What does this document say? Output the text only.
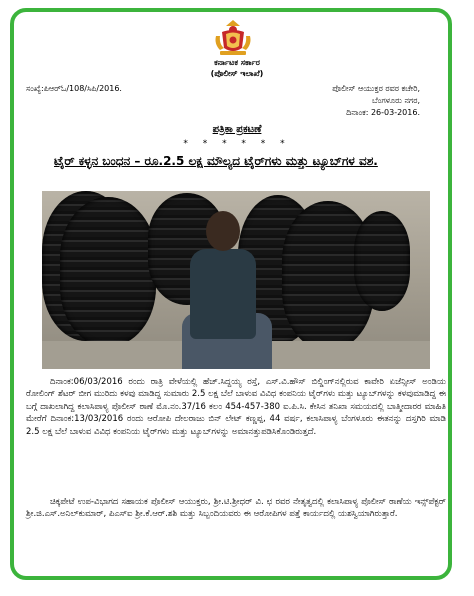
ಕರ್ನಾಟಕ ಸರ್ಕಾರ
(ಪೊಲೀಸ್ ಇಲಾಖೆ)
ಸಂಖ್ಯೆ:ಪಿಆರ್‌ಓ/108/ಸಿಪಿ/2016.	ಪೊಲೀಸ್ ಆಯುಕ್ತರ ರವರ ಕಚೇರಿ,
ಬೆಂಗಳೂರು ನಗರ,
ದಿನಾಂಕ: 26-03-2016.
ಪತ್ರಿಕಾ ಪ್ರಕಟಣೆ
* * * * * *
ಟೈರ್ ಕಳ್ಳನ ಬಂಧನ – ರೂ.2.5 ಲಕ್ಷ ಮೌಲ್ಯದ ಟೈರ್‌ಗಳು ಮತ್ತು ಟ್ಯೂಬ್‌ಗಳ ವಶ.
ದಿನಾಂಕ:06/03/2016 ರಂದು ರಾತ್ರಿ ವೇಳೆಯಲ್ಲಿ ಹೆಚ್.ಸಿದ್ದಯ್ಯ ರಸ್ತೆ, ಎಸ್.ವಿ.ಹೌಸ್ ಬಿಲ್ಡಿಂಗ್‌ನಲ್ಲಿರುವ ಕಾವೇರಿ ಏಜೆನ್ಸೀಸ್ ಅಂಡಿಯ ರೋಲಿಂಗ್ ಶೆಟರ್ ಬೀಗ ಮುರಿದು ಕಳವು ಮಾಡಿದ್ದ ಸುಮಾರು 2.5 ಲಕ್ಷ ಬೆಲೆ ಬಾಳುವ ವಿವಿಧ ಕಂಪನಿಯ ಟೈರ್‌ಗಳು ಮತ್ತು ಟ್ಯೂಬ್‌ಗಳನ್ನು ಕಳವುಮಾಡಿದ್ದ ಈ ಬಗ್ಗೆ ದಾಖಲಾಗಿದ್ದ ಕಲಾಸಿಪಾಳ್ಯ ಪೊಲೀಸ್ ಠಾಣೆ ಮೊ.ನಂ.37/16 ಕಲಂ 454-457-380 ಐ.ಪಿ.ಸಿ. ಕೇಸಿನ ತನಿಖಾ ಸಮಯದಲ್ಲಿ ಬಾತ್ಮೀದಾರರ ಮಾಹಿತಿ ಮೇರೆಗೆ ದಿನಾಂಕ:13/03/2016 ರಂದು ಆರೋಪಿ ದೇಲರಾಜು ಬಿನ್ ಲೇಟ್ ಕಣ್ಣಪ್ಪ, 44 ವರ್ಷ, ಕಲಾಸಿಪಾಳ್ಯ ಬೆಂಗಳೂರು ಈತನನ್ನು ದಸ್ತಗಿರಿ ಮಾಡಿ 2.5 ಲಕ್ಷ ಬೆಲೆ ಬಾಳುವ ವಿವಿಧ ಕಂಪನಿಯ ಟೈರ್‌ಗಳು ಮತ್ತು ಟ್ಯೂಬ್‌ಗಳನ್ನು ಅಮಾನತ್ತುಪಡಿಸಿಕೊಂಡಿರುತ್ತದೆ.
ಚಿಕ್ಕಪೇಟೆ ಉಪ-ವಿಭಾಗದ ಸಹಾಯಕ ಪೊಲೀಸ್ ಆಯುಕ್ತರು, ಶ್ರೀ.ಟಿ.ಶ್ರೀಧರ್ ವಿ. ಛ ರವರ ನೇತೃತ್ವದಲ್ಲಿ ಕಲಾಸಿಪಾಳ್ಯ ಪೊಲೀಸ್ ಠಾಣೆಯ ಇನ್ಸ್‌ಪೆಕ್ಟರ್ ಶ್ರೀ.ಜಿ.ಎಸ್.ಅನಿಲ್‌ಕುಮಾರ್, ಪಿಎಸ್‌ಐ ಶ್ರೀ.ಕೆ.ಆರ್.ಶಶಿ ಮತ್ತು ಸಿಬ್ಬಂದಿಯವರು ಈ ಆರೋಪಿಗಳ ಪತ್ತೆ ಕಾರ್ಯದಲ್ಲಿ ಯಶಸ್ವಿಯಾಗಿರುತ್ತಾರೆ.
